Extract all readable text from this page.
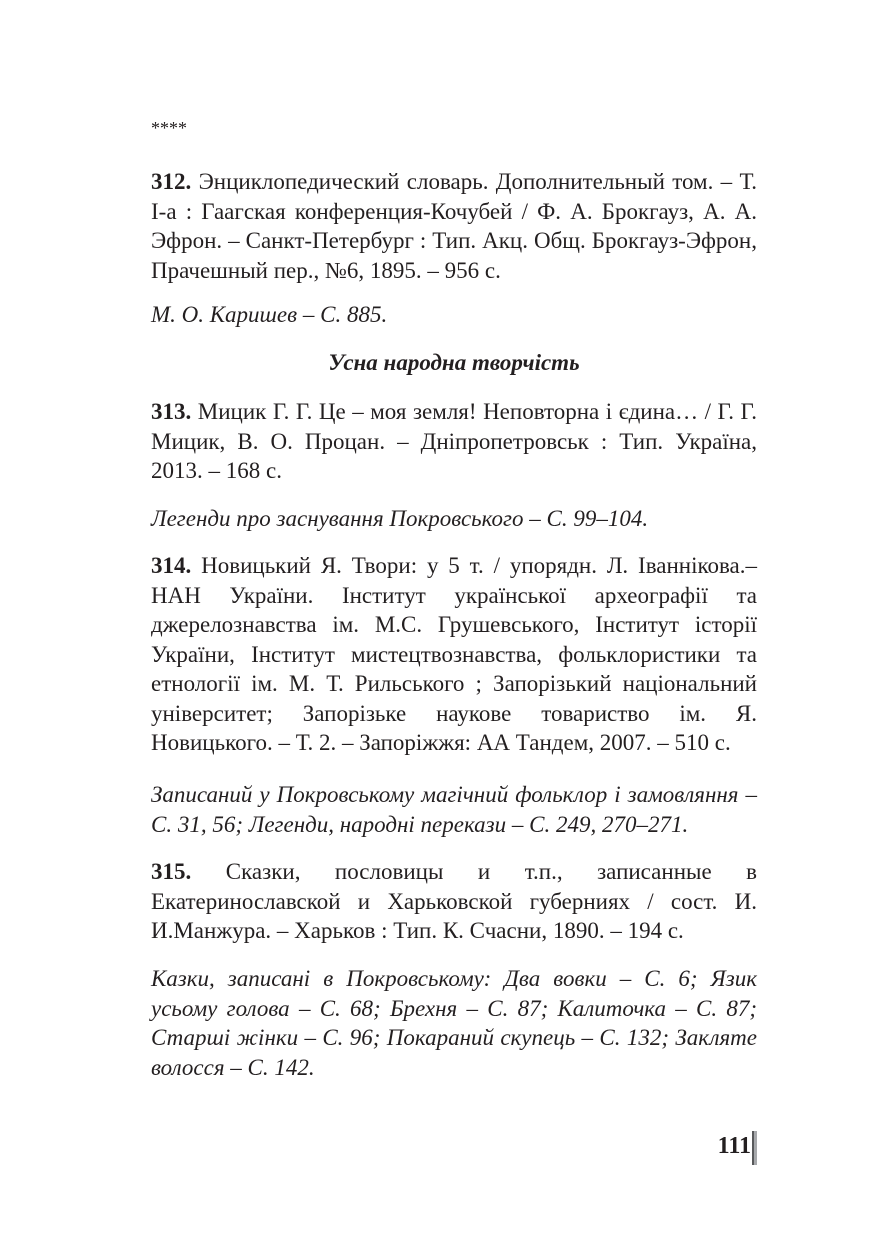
****
312. Энциклопедический словарь. Дополнительный том. – Т. I-а : Гаагская конференция-Кочубей / Ф. А. Брокгауз, А. А. Эфрон. – Санкт-Петербург : Тип. Акц. Общ. Брокгауз-Эфрон, Прачешный пер., №6, 1895. – 956 с.
М. О. Каришев – С. 885.
Усна народна творчість
313. Мицик Г. Г. Це – моя земля! Неповторна і єдина… / Г. Г. Мицик, В. О. Процан. – Дніпропетровськ : Тип. Україна, 2013. – 168 с.
Легенди про заснування Покровського – С. 99–104.
314. Новицький Я. Твори: у 5 т. / упорядн. Л. Іваннікова.– НАН України. Інститут української археографії та джерелознавства ім. М.С. Грушевського, Інститут історії України, Інститут мистецтвознавства, фольклористики та етнології ім. М. Т. Рильського ; Запорізький національний університет; Запорізьке наукове товариство ім. Я. Новицького. – Т. 2. – Запоріжжя: АА Тандем, 2007. – 510 с.
Записаний у Покровському магічний фольклор і замовляння – С. 31, 56; Легенди, народні перекази – С. 249, 270–271.
315. Сказки, пословицы и т.п., записанные в Екатеринославской и Харьковской губерниях / сост. И. И.Манжура. – Харьков : Тип. К. Счасни, 1890. – 194 с.
Казки, записані в Покровському: Два вовки – С. 6; Язик усьому голова – С. 68; Брехня – С. 87; Калиточка – С. 87; Старші жінки – С. 96; Покараний скупець – С. 132; Заклятe волосся – С. 142.
111
